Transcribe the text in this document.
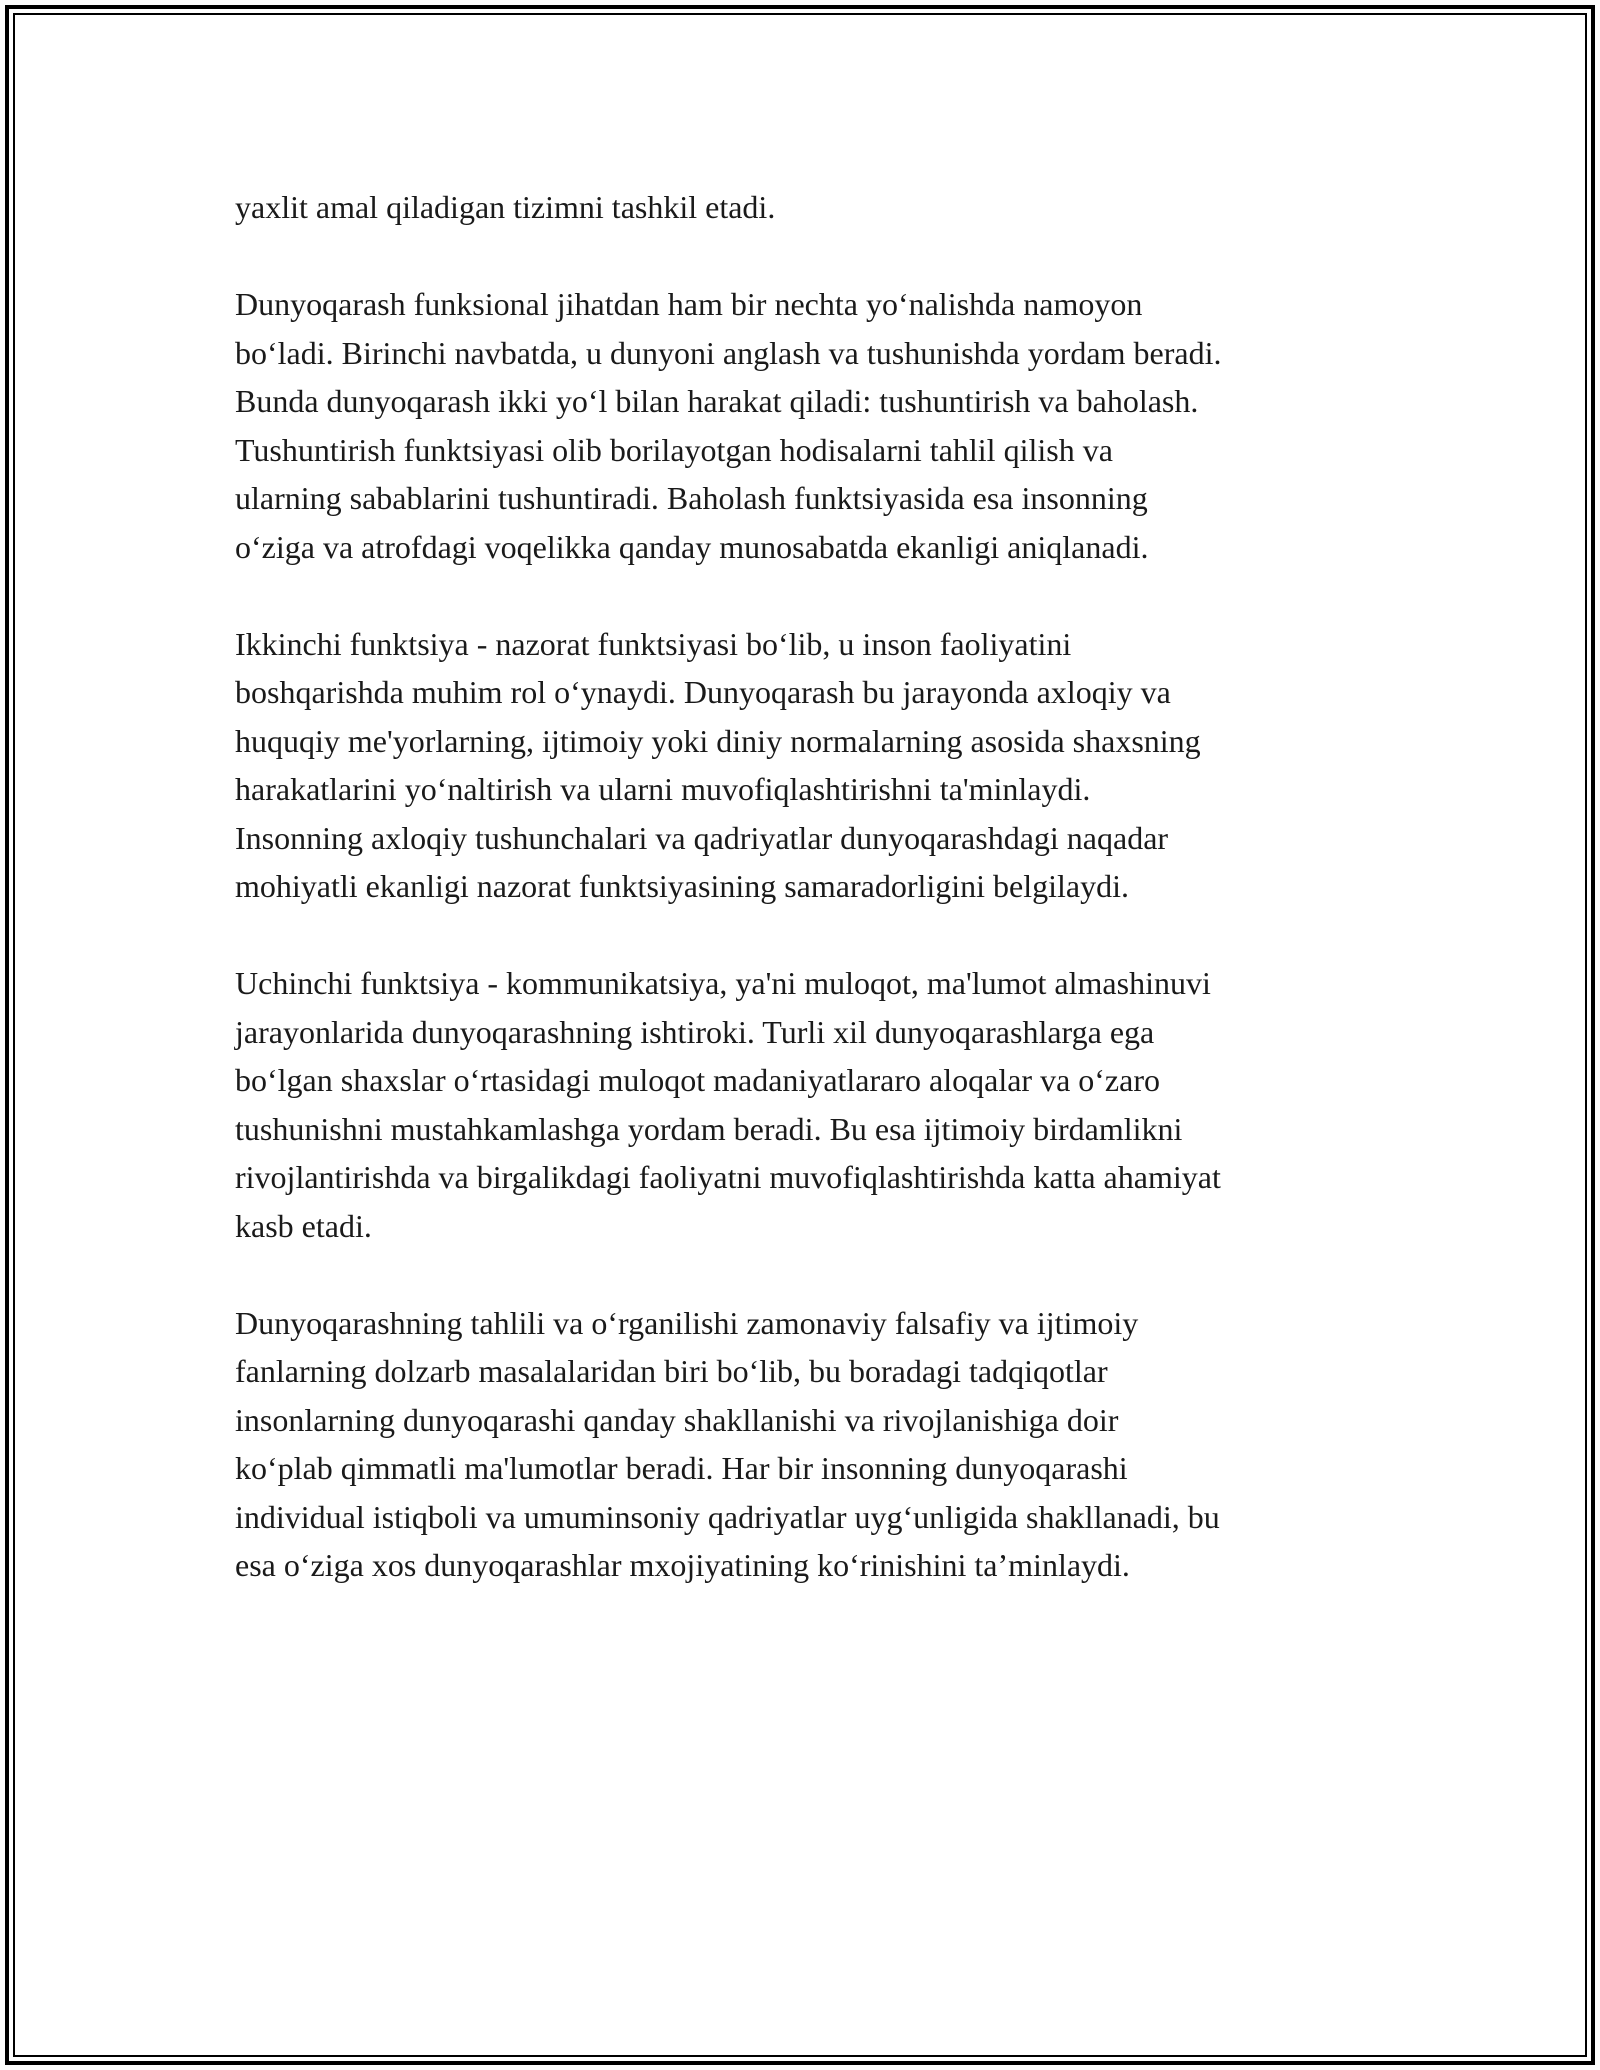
yaxlit amal qiladigan tizimni tashkil etadi.

Dunyoqarash funksional jihatdan ham bir nechta yo‘nalishda namoyon
bo‘ladi. Birinchi navbatda, u dunyoni anglash va tushunishda yordam beradi.
Bunda dunyoqarash ikki yo‘l bilan harakat qiladi: tushuntirish va baholash.
Tushuntirish funktsiyasi olib borilayotgan hodisalarni tahlil qilish va
ularning sabablarini tushuntiradi. Baholash funktsiyasida esa insonning
o‘ziga va atrofdagi voqelikka qanday munosabatda ekanligi aniqlanadi.

Ikkinchi funktsiya - nazorat funktsiyasi bo‘lib, u inson faoliyatini
boshqarishda muhim rol o‘ynaydi. Dunyoqarash bu jarayonda axloqiy va
huquqiy me'yorlarning, ijtimoiy yoki diniy normalarning asosida shaxsning
harakatlarini yo‘naltirish va ularni muvofiqlashtirishni ta'minlaydi.
Insonning axloqiy tushunchalari va qadriyatlar dunyoqarashdagi naqadar
mohiyatli ekanligi nazorat funktsiyasining samaradorligini belgilaydi.

Uchinchi funktsiya - kommunikatsiya, ya'ni muloqot, ma'lumot almashinuvi
jarayonlarida dunyoqarashning ishtiroki. Turli xil dunyoqarashlarga ega
bo‘lgan shaxslar o‘rtasidagi muloqot madaniyatlararo aloqalar va o‘zaro
tushunishni mustahkamlashga yordam beradi. Bu esa ijtimoiy birdamlikni
rivojlantirishda va birgalikdagi faoliyatni muvofiqlashtirishda katta ahamiyat
kasb etadi.

Dunyoqarashning tahlili va o‘rganilishi zamonaviy falsafiy va ijtimoiy
fanlarning dolzarb masalalaridan biri bo‘lib, bu boradagi tadqiqotlar
insonlarning dunyoqarashi qanday shakllanishi va rivojlanishiga doir
ko‘plab qimmatli ma'lumotlar beradi. Har bir insonning dunyoqarashi
individual istiqboli va umuminsoniy qadriyatlar uyg‘unligida shakllanadi, bu
esa o‘ziga xos dunyoqarashlar mxojiyatining ko‘rinishini ta’minlaydi.
